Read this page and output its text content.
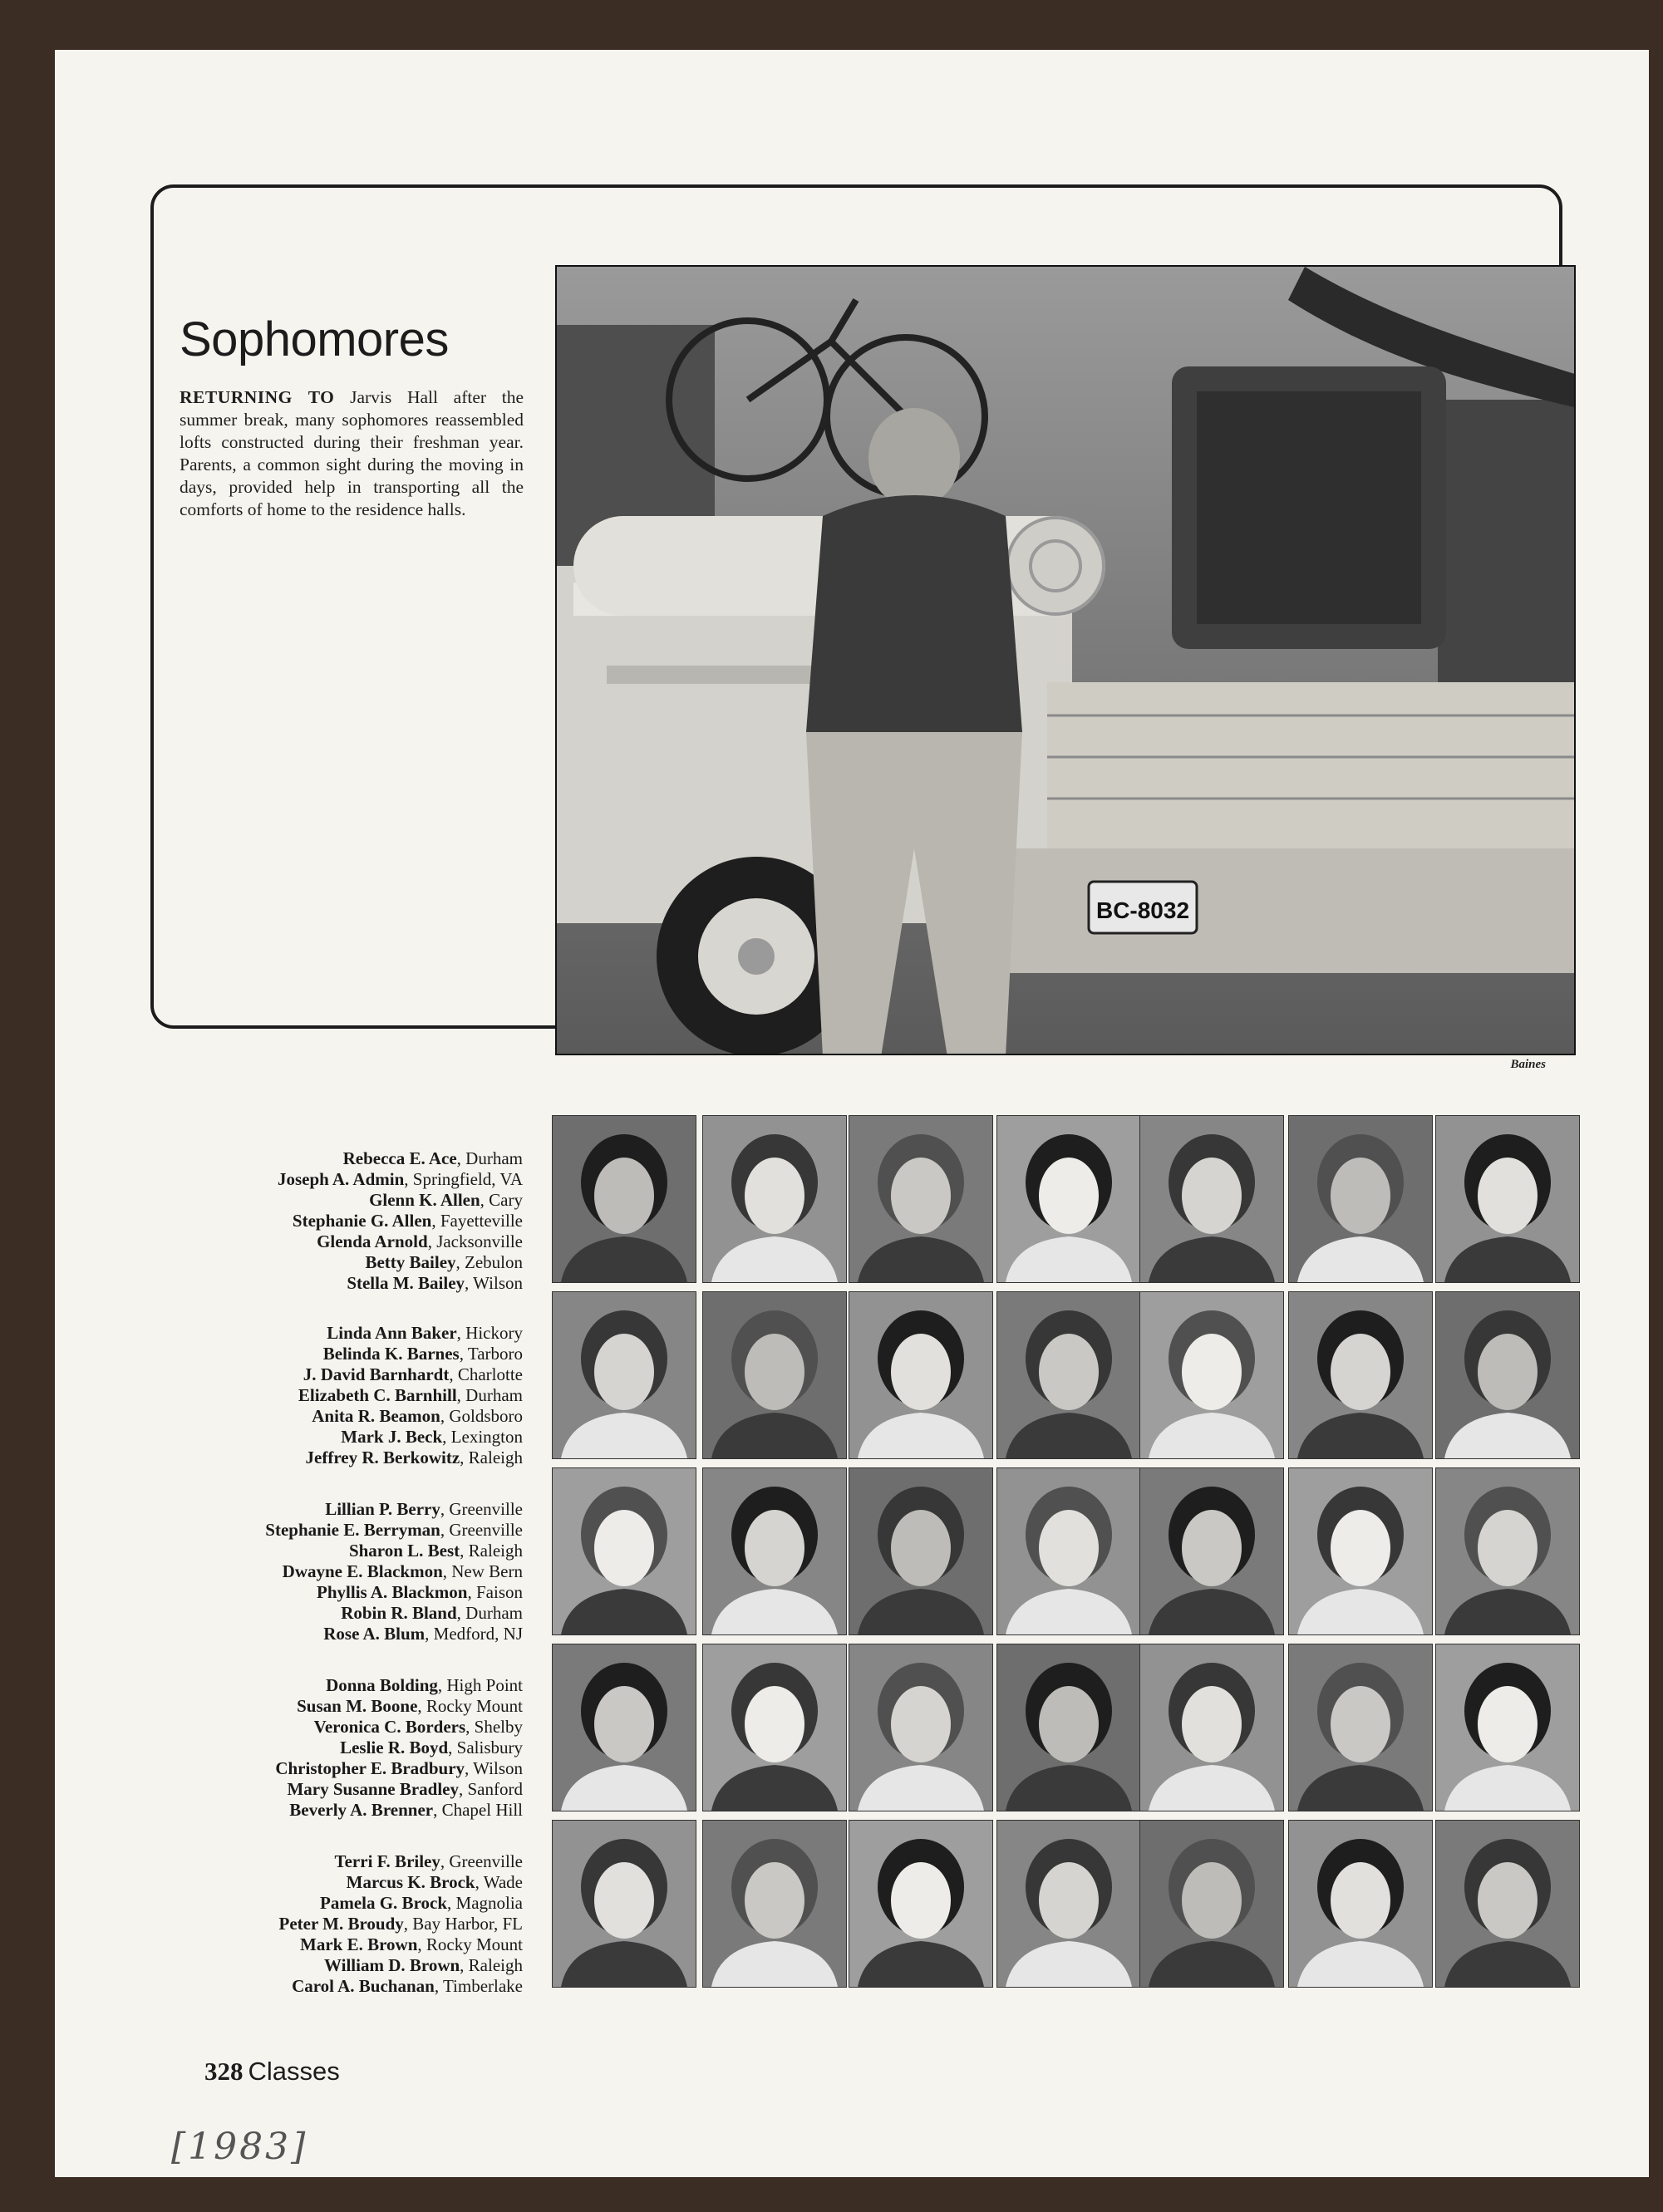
Sophomores
RETURNING TO Jarvis Hall after the summer break, many sophomores reassembled lofts constructed during their freshman year. Parents, a common sight during the moving in days, provided help in transporting all the comforts of home to the residence halls.
BC-8032
Baines
Rebecca E. Ace, Durham
Joseph A. Admin, Springfield, VA
Glenn K. Allen, Cary
Stephanie G. Allen, Fayetteville
Glenda Arnold, Jacksonville
Betty Bailey, Zebulon
Stella M. Bailey, Wilson
Linda Ann Baker, Hickory
Belinda K. Barnes, Tarboro
J. David Barnhardt, Charlotte
Elizabeth C. Barnhill, Durham
Anita R. Beamon, Goldsboro
Mark J. Beck, Lexington
Jeffrey R. Berkowitz, Raleigh
Lillian P. Berry, Greenville
Stephanie E. Berryman, Greenville
Sharon L. Best, Raleigh
Dwayne E. Blackmon, New Bern
Phyllis A. Blackmon, Faison
Robin R. Bland, Durham
Rose A. Blum, Medford, NJ
Donna Bolding, High Point
Susan M. Boone, Rocky Mount
Veronica C. Borders, Shelby
Leslie R. Boyd, Salisbury
Christopher E. Bradbury, Wilson
Mary Susanne Bradley, Sanford
Beverly A. Brenner, Chapel Hill
Terri F. Briley, Greenville
Marcus K. Brock, Wade
Pamela G. Brock, Magnolia
Peter M. Broudy, Bay Harbor, FL
Mark E. Brown, Rocky Mount
William D. Brown, Raleigh
Carol A. Buchanan, Timberlake
328 Classes
[1983]
